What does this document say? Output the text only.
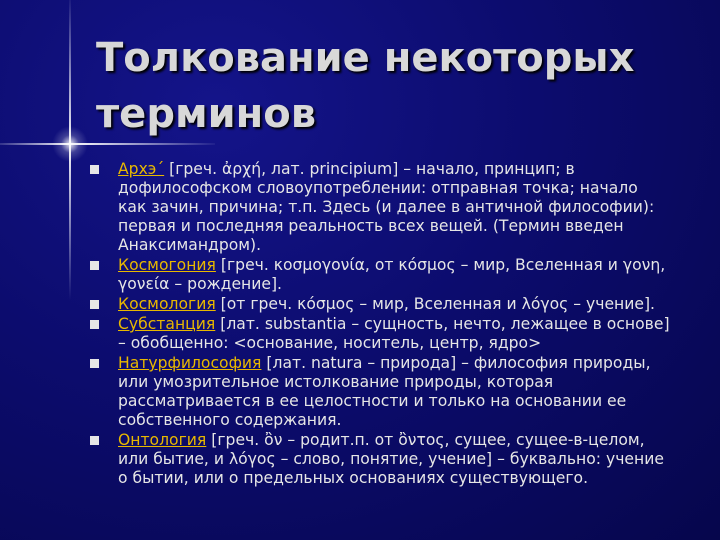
Толкование некоторых терминов
Архэ´ [греч. ἀρχή, лат. principium] – начало, принцип; в дофилософском словоупотреблении: отправная точка; начало как зачин, причина; т.п. Здесь (и далее в античной философии): первая и последняя реальность всех вещей. (Термин введен Анаксимандром).
Космогония [греч. κοσμογονία, от κόσμος – мир, Вселенная и γονη, γονεία – рождение].
Космология [от греч. κόσμος – мир, Вселенная и λόγος – учение].
Субстанция [лат. substantia – сущность, нечто, лежащее в основе] – обобщенно: <основание, носитель, центр, ядро>
Натурфилософия [лат. natura – природа] – философия природы, или умозрительное истолкование природы, которая рассматривается в ее целостности и только на основании ее собственного содержания.
Онтология [греч. ὂν – родит.п. от ὂντος, сущее, сущее-в-целом, или бытие, и λόγος – слово, понятие, учение] – буквально: учение о бытии, или о предельных основаниях существующего.
